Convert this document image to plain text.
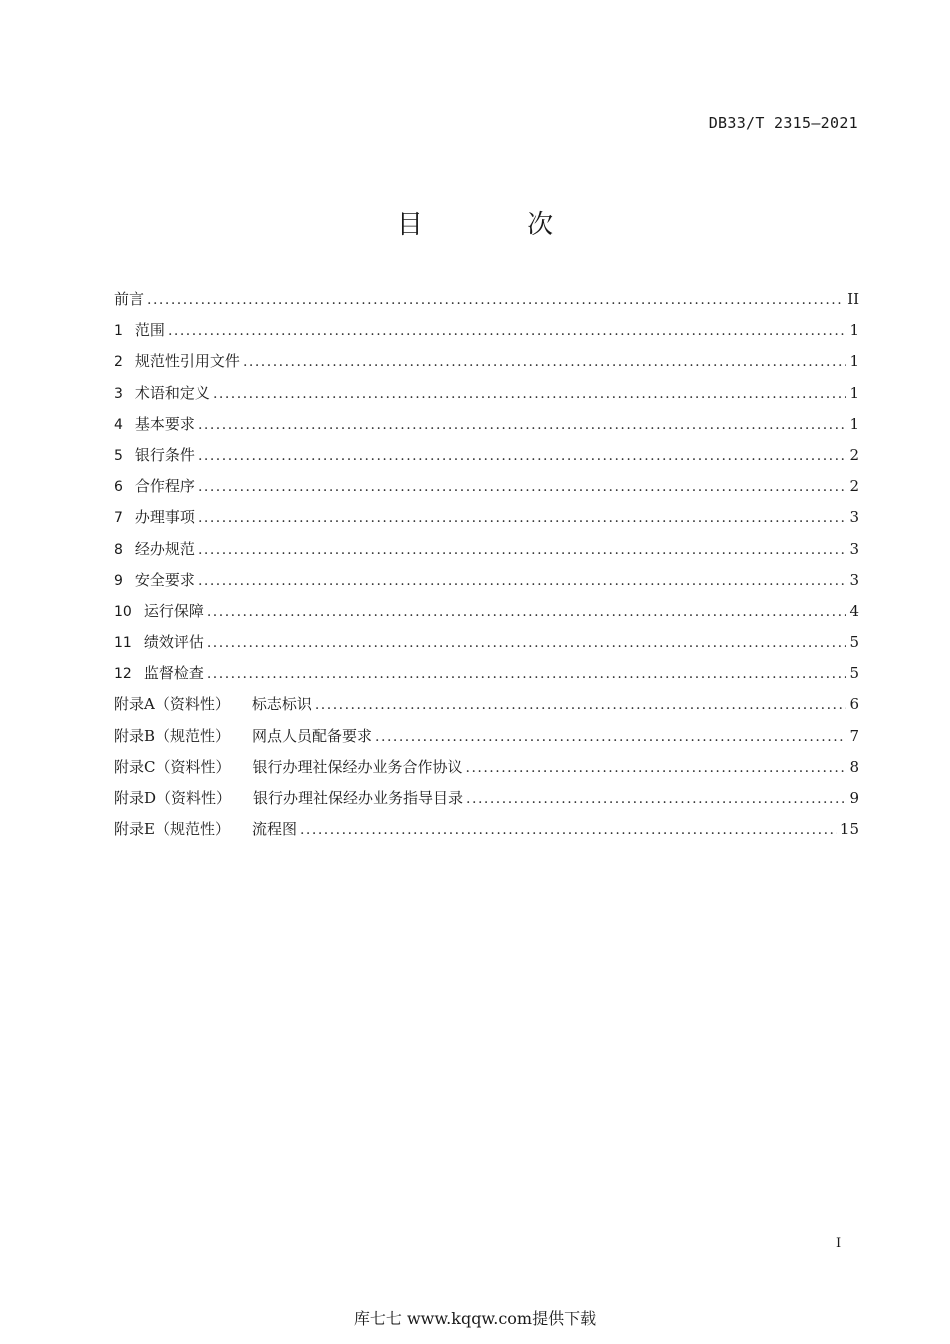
DB33/T 2315—2021
目 次
前言 .....	II
1 范围 .....	1
2 规范性引用文件 .....	1
3 术语和定义 .....	1
4 基本要求 .....	1
5 银行条件 .....	2
6 合作程序 .....	2
7 办理事项 .....	3
8 经办规范 .....	3
9 安全要求 .....	3
10 运行保障 .....	4
11 绩效评估 .....	5
12 监督检查 .....	5
附录A（资料性） 标志标识 .....	6
附录B（规范性） 网点人员配备要求 .....	7
附录C（资料性） 银行办理社保经办业务合作协议 .....	8
附录D（资料性） 银行办理社保经办业务指导目录 .....	9
附录E（规范性） 流程图 .....	15
I
库七七 www.kqqw.com提供下载
